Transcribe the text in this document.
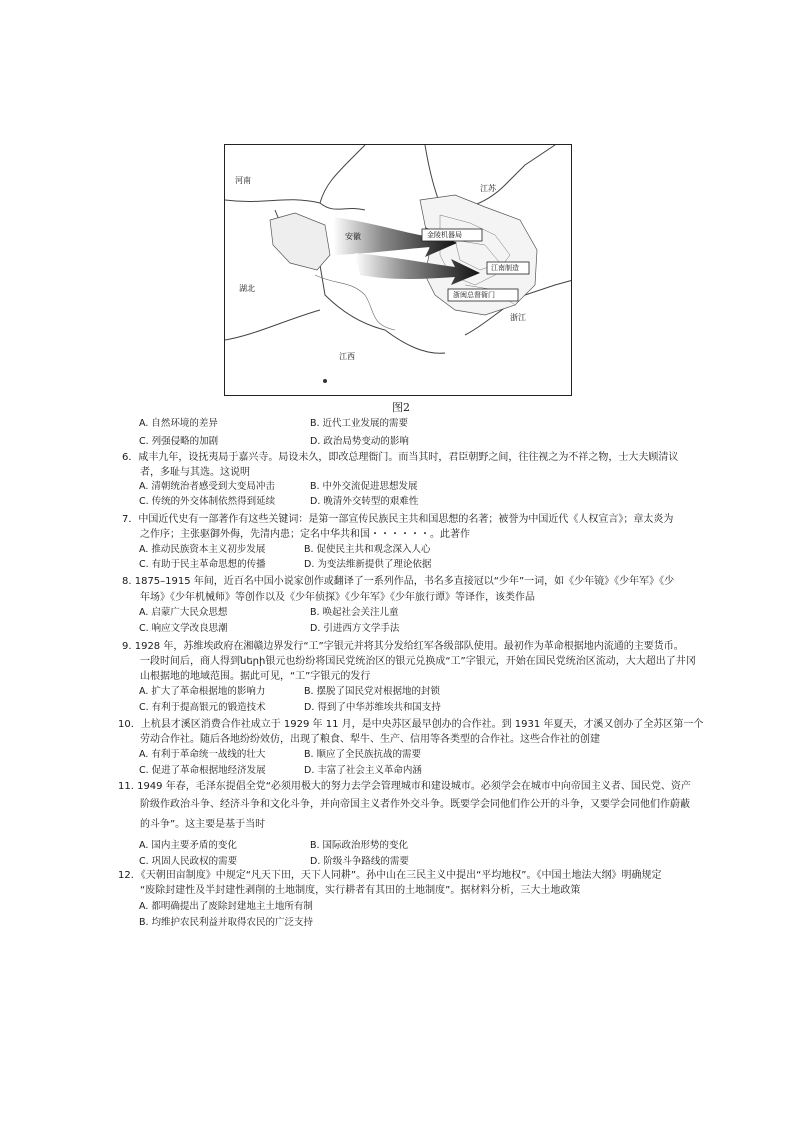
河南
江苏
安徽
湖北
江西
浙江
金陵机器局
江南制造
浙闽总督衙门
图2
A. 自然环境的差异	B. 近代工业发展的需要
C. 列强侵略的加剧	D. 政治局势变动的影响
6．咸丰九年，设抚夷局于嘉兴寺。局设未久，即改总理衙门。而当其时，君臣朝野之间，往往视之为不祥之物，士大夫顾清议
者，多耻与其选。这说明
A. 清朝统治者感受到大变局冲击	B. 中外交流促进思想发展
C. 传统的外交体制依然得到延续	D. 晚清外交转型的艰难性
7．中国近代史有一部著作有这些关键词：是第一部宣传民族民主共和国思想的名著；被誉为中国近代《人权宣言》；章太炎为
之作序；主张驱御外侮，先清内患；定名中华共和国・・・・・・。此著作
A. 推动民族资本主义初步发展	B. 促使民主共和观念深入人心
C. 有助于民主革命思想的传播	D. 为变法维新提供了理论依据
8. 1875–1915 年间，近百名中国小说家创作或翻译了一系列作品，书名多直接冠以“少年”一词，如《少年镜》《少年军》《少
年场》《少年机械师》等创作以及《少年侦探》《少年军》《少年旅行谭》等译作，该类作品
A. 启蒙广大民众思想	B. 唤起社会关注儿童
C. 响应文学改良思潮	D. 引进西方文学手法
9. 1928 年，苏维埃政府在湘赣边界发行“工”字银元并将其分发给红军各级部队使用。最初作为革命根据地内流通的主要货币。
一段时间后，商人得到ների银元也纷纷将国民党统治区的银元兑换成“工”字银元，开始在国民党统治区流动，大大超出了井冈
山根据地的地域范围。据此可见，“工”字银元的发行
A. 扩大了革命根据地的影响力	B. 摆脱了国民党对根据地的封锁
C. 有利于提高银元的锻造技术	D. 得到了中华苏维埃共和国支持
10．上杭县才溪区消费合作社成立于 1929 年 11 月，是中央苏区最早创办的合作社。到 1931 年夏天，才溪又创办了全苏区第一个
劳动合作社。随后各地纷纷效仿，出现了粮食、犁牛、生产、信用等各类型的合作社。这些合作社的创建
A. 有利于革命统一战线的壮大	B. 顺应了全民族抗战的需要
C. 促进了革命根据地经济发展	D. 丰富了社会主义革命内涵
11. 1949 年春，毛泽东提倡全党“必须用极大的努力去学会管理城市和建设城市。必须学会在城市中向帝国主义者、国民党、资产
阶级作政治斗争、经济斗争和文化斗争，并向帝国主义者作外交斗争。既要学会同他们作公开的斗争，又要学会同他们作蔚蔽
的斗争”。这主要是基于当时
A. 国内主要矛盾的变化	B. 国际政治形势的变化
C. 巩固人民政权的需要	D. 阶级斗争路线的需要
12．《天朝田亩制度》中规定“凡天下田，天下人同耕”。孙中山在三民主义中提出“平均地权”。《中国土地法大纲》明确规定
“废除封建性及半封建性剥削的土地制度，实行耕者有其田的土地制度”。据材料分析，三大土地政策
A. 都明确提出了废除封建地主土地所有制
B. 均维护农民利益并取得农民的广泛支持
